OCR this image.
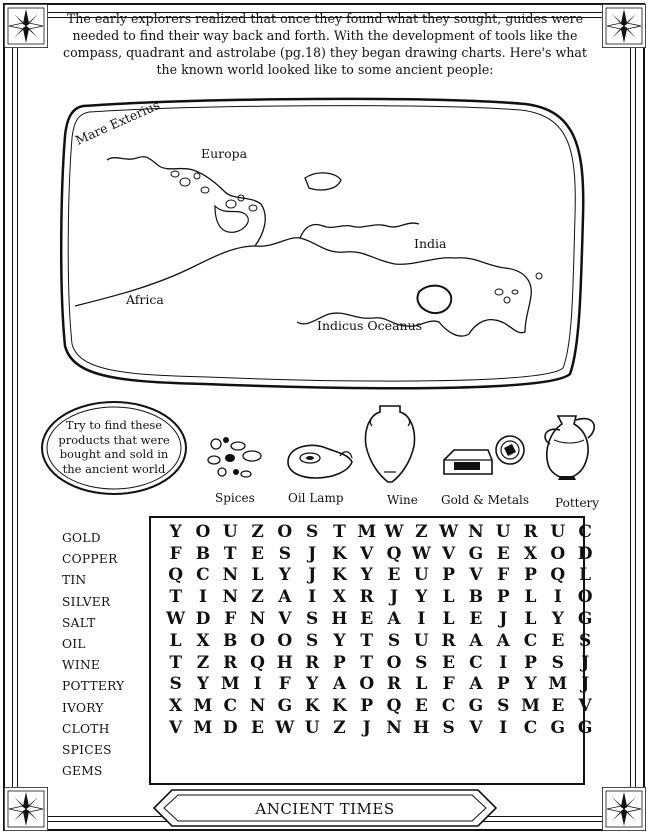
The early explorers realized that once they found what they sought, guides were needed to find their way back and forth. With the development of tools like the compass, quadrant and astrolabe (pg.18) they began drawing charts. Here's what the known world looked like to some ancient people:
Mare Exterius
Europa
India
Africa
Indicus Oceanus
Try to find these products that were bought and sold in the ancient world
Spices	Oil Lamp	Wine Gold & Metals Pottery
GOLD
COPPER
TIN
SILVER
SALT
OIL
WINE
POTTERY
IVORY
CLOTH
SPICES
GEMS
Y	O	U	Z	O	S	T	M	W	Z	W	N	U	R	U	C
F	B	T	E	S	J	K	V	Q	W	V	G	E	X	O	D
Q	C	N	L	Y	J	K	Y	E	U	P	V	F	P	Q	L
T	I	N	Z	A	I	X	R	J	Y	L	B	P	L	I	O
W	D	F	N	V	S	H	E	A	I	L	E	J	L	Y	G
L	X	B	O	O	S	Y	T	S	U	R	A	A	C	E	S
T	Z	R	Q	H	R	P	T	O	S	E	C	I	P	S	J
S	Y	M	I	F	Y	A	O	R	L	F	A	P	Y	M	J
X	M	C	N	G	K	K	P	Q	E	C	G	S	M	E	V
V	M	D	E	W	U	Z	J	N	H	S	V	I	C	G	G
ANCIENT TIMES
